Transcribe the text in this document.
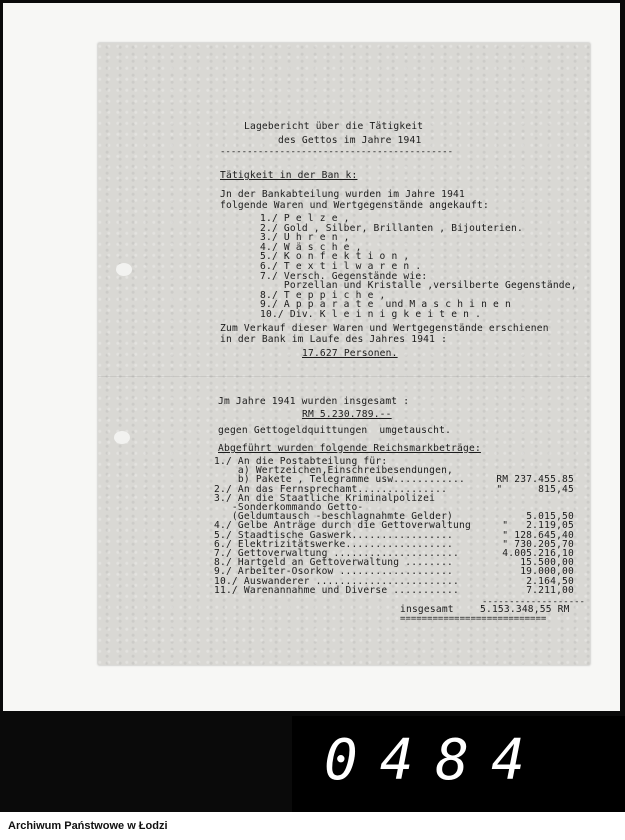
Lagebericht über die Tätigkeit
des Gettos im Jahre 1941
-------------------------------------------
Tätigkeit in der Ban k:
Jn der Bankabteilung wurden im Jahre 1941
folgende Waren und Wertgegenstände angekauft:
1./ P e l z e ,
2./ Gold , Silber, Brillanten , Bijouterien.
3./ U h r e n ,
4./ W ä s c h e ,
5./ K o n f e k t i o n ,
6./ T e x t i l w a r e n .
7./ Versch. Gegenstände wie:
Porzellan und Kristalle ,versilberte Gegenstände,
8./ T e p p i c h e ,
9./ A p p a r a t e  und M a s c h i n e n
10./ Div. K l e i n i g k e i t e n .
Zum Verkauf dieser Waren und Wertgegenstände erschienen
in der Bank im Laufe des Jahres 1941 :
17.627 Personen.
Jm Jahre 1941 wurden insgesamt :
RM 5.230.789.--
gegen Gettogeldquittungen  umgetauscht.
Abgeführt wurden folgende Reichsmarkbeträge:
1./ An die Postabteilung für:
a) Wertzeichen,Einschreibesendungen,
b) Pakete , Telegramme usw............	RM 237.455.85
2./ An das Fernsprechamt...............	"      815,45
3./ An die Staatliche Kriminalpolizei
-Sonderkommando Getto-
(Geldumtausch -beschlagnahmte Gelder)	5.015,50
4./ Gelbe Anträge durch die Gettoverwaltung	"   2.119,05
5./ Staadtische Gaswerk.................	" 128.645,40
6./ Elektrizitätswerke..................	" 730.205,70
7./ Gettoverwaltung .....................	4.005.216,10
8./ Hartgeld an Gettoverwaltung ........	15.500,00
9./ Arbeiter-Osorkow ...................	19.000,00
10./ Auswanderer ........................	2.164,50
11./ Warenannahme und Diverse ...........	7.211,00
-------------------
insgesamt	5.153.348,55 RM
===========================
0484
Archiwum Państwowe w Łodzi
